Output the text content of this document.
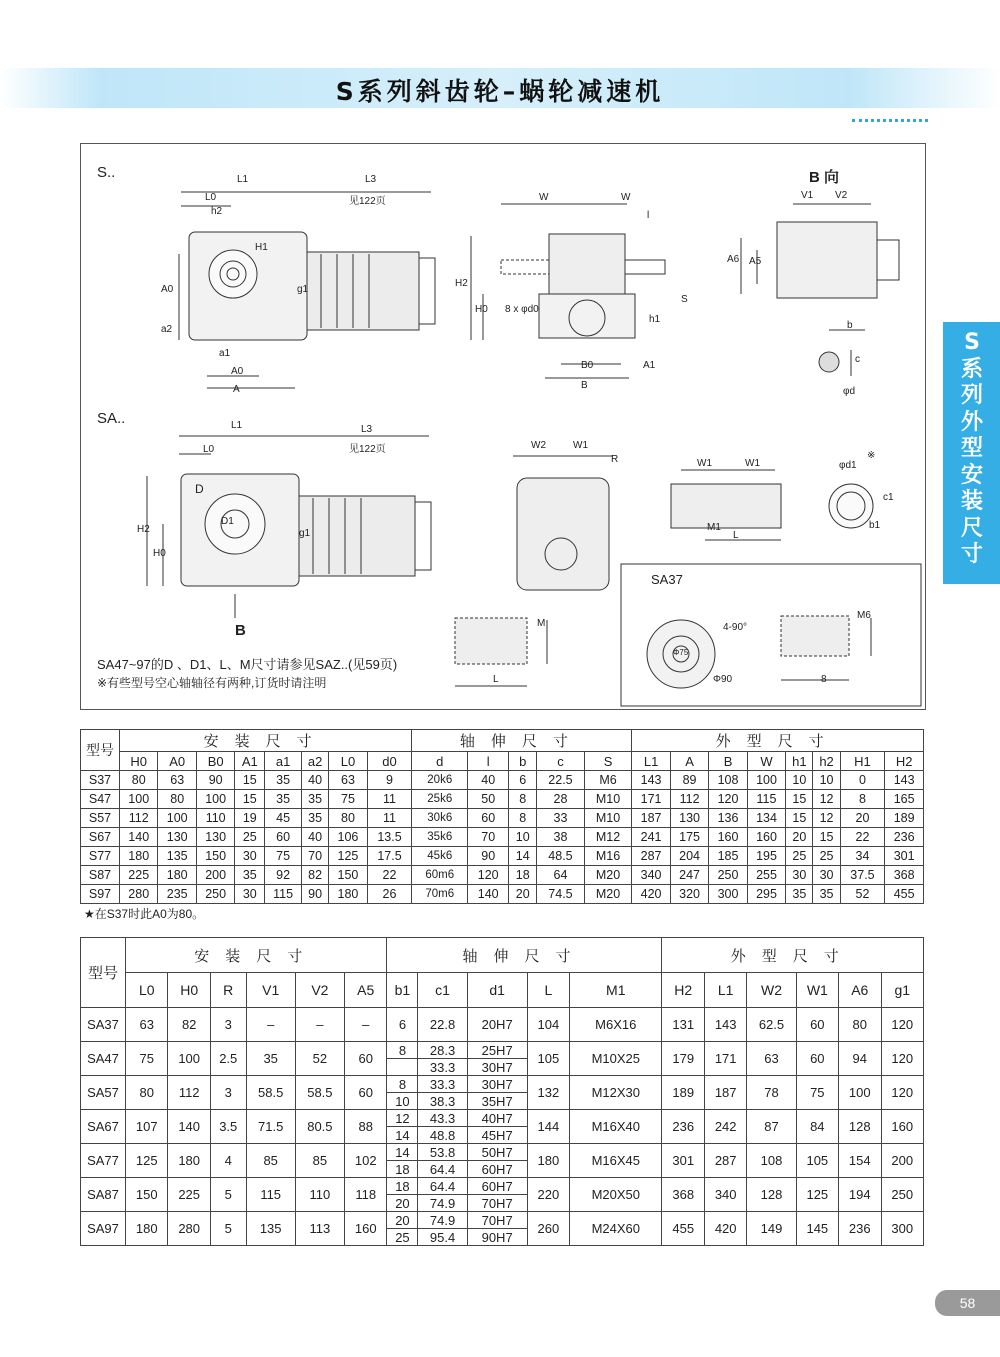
S系列斜齿轮–蜗轮减速机
S系列外型安装尺寸
S..
SA..
B 向
B
SA37
见122页
见122页
L1	L3
L0
h2
H1
A0
a2
a1
A0
A
g1
W	W
l
H2
H0 8 x φd0
S
h1
B0	A1
B
V1 V2
A6 A5
b
c
φd
H2
H0
L1	L3
L0
D
D1
g1
W2	W1
R	W1	W1
M1
L
φd1
※
c1
b1
M
L
4-90°
Φ75
Φ90
M6
8
SA47~97的D 、D1、L、M尺寸请参见SAZ..(见59页)
※有些型号空心轴轴径有两种,订货时请注明
型号	安装尺寸								轴伸尺寸					外型尺寸							
	H0	A0	B0	A1	a1	a2	L0	d0	d	l	b	c	S	L1	A	B	W	h1	h2	H1	H2
S37	80	63	90	15	35	40	63	9	20k6	40	6	22.5	M6	143	89	108	100	10	10	0	143
S47	100	80	100	15	35	35	75	11	25k6	50	8	28	M10	171	112	120	115	15	12	8	165
S57	112	100	110	19	45	35	80	11	30k6	60	8	33	M10	187	130	136	134	15	12	20	189
S67	140	130	130	25	60	40	106	13.5	35k6	70	10	38	M12	241	175	160	160	20	15	22	236
S77	180	135	150	30	75	70	125	17.5	45k6	90	14	48.5	M16	287	204	185	195	25	25	34	301
S87	225	180	200	35	92	82	150	22	60m6	120	18	64	M20	340	247	250	255	30	30	37.5	368
S97	280	235	250	30	115	90	180	26	70m6	140	20	74.5	M20	420	320	300	295	35	35	52	455
★在S37时此A0为80。
型号	安装尺寸						轴伸尺寸					外型尺寸					
	L0	H0	R	V1	V2	A5	b1	c1	d1	L	M1	H2	L1	W2	W1	A6	g1
SA37	63	82	3	–	–	–	6	22.8	20H7	104	M6X16	131	143	62.5	60	80	120
SA47	75	100	2.5	35	52	60	8	28.3	25H7	105	M10X25	179	171	63	60	94	120
								33.3	30H7								
SA57	80	112	3	58.5	58.5	60	8	33.3	30H7	132	M12X30	189	187	78	75	100	120
							10	38.3	35H7								
SA67	107	140	3.5	71.5	80.5	88	12	43.3	40H7	144	M16X40	236	242	87	84	128	160
							14	48.8	45H7								
SA77	125	180	4	85	85	102	14	53.8	50H7	180	M16X45	301	287	108	105	154	200
							18	64.4	60H7								
SA87	150	225	5	115	110	118	18	64.4	60H7	220	M20X50	368	340	128	125	194	250
							20	74.9	70H7								
SA97	180	280	5	135	113	160	20	74.9	70H7	260	M24X60	455	420	149	145	236	300
							25	95.4	90H7								
58
